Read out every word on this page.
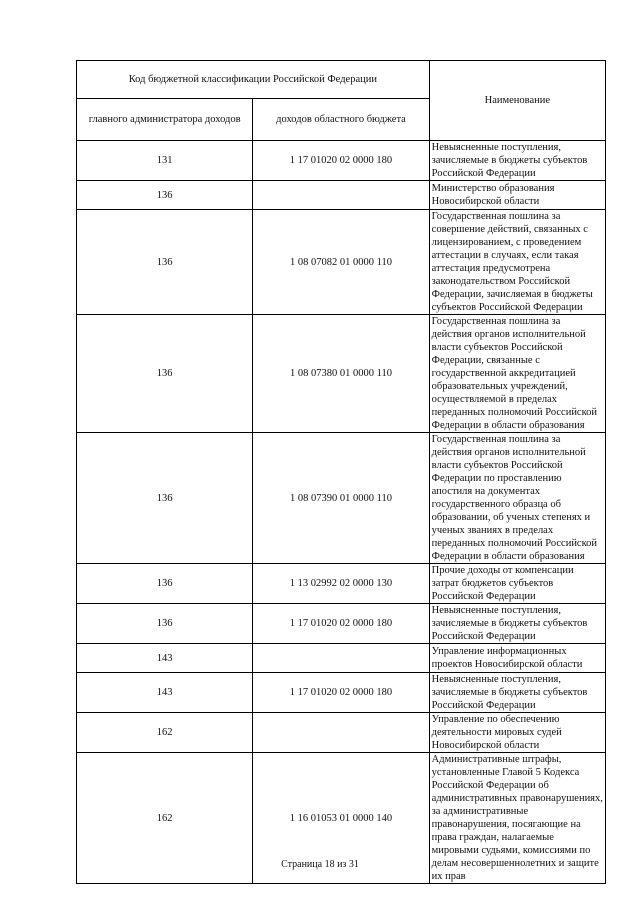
Код бюджетной классификации Российской Федерации		Наименование
главного администратора доходов	доходов областного бюджета	
131	1 17 01020 02 0000 180	Невыясненные поступления, зачисляемые в бюджеты субъектов Российской Федерации
136		Министерство образования Новосибирской области
136	1 08 07082 01 0000 110	Государственная пошлина за совершение действий, связанных с лицензированием, с проведением аттестации в случаях, если такая аттестация предусмотрена законодательством Российской Федерации, зачисляемая в бюджеты субъектов Российской Федерации
136	1 08 07380 01 0000 110	Государственная пошлина за действия органов исполнительной власти субъектов Российской Федерации, связанные с государственной аккредитацией образовательных учреждений, осуществляемой в пределах переданных полномочий Российской Федерации в области образования
136	1 08 07390 01 0000 110	Государственная пошлина за действия органов исполнительной власти субъектов Российской Федерации по проставлению апостиля на документах государственного образца об образовании, об ученых степенях и ученых званиях в пределах переданных полномочий Российской Федерации в области образования
136	1 13 02992 02 0000 130	Прочие доходы от компенсации затрат бюджетов субъектов Российской Федерации
136	1 17 01020 02 0000 180	Невыясненные поступления, зачисляемые в бюджеты субъектов Российской Федерации
143		Управление информационных проектов Новосибирской области
143	1 17 01020 02 0000 180	Невыясненные поступления, зачисляемые в бюджеты субъектов Российской Федерации
162		Управление по обеспечению деятельности мировых судей Новосибирской области
162	1 16 01053 01 0000 140	Административные штрафы, установленные Главой 5 Кодекса Российской Федерации об административных правонарушениях, за административные правонарушения, посягающие на права граждан, налагаемые мировыми судьями, комиссиями по делам несовершеннолетних и защите их прав
Страница 18 из 31
